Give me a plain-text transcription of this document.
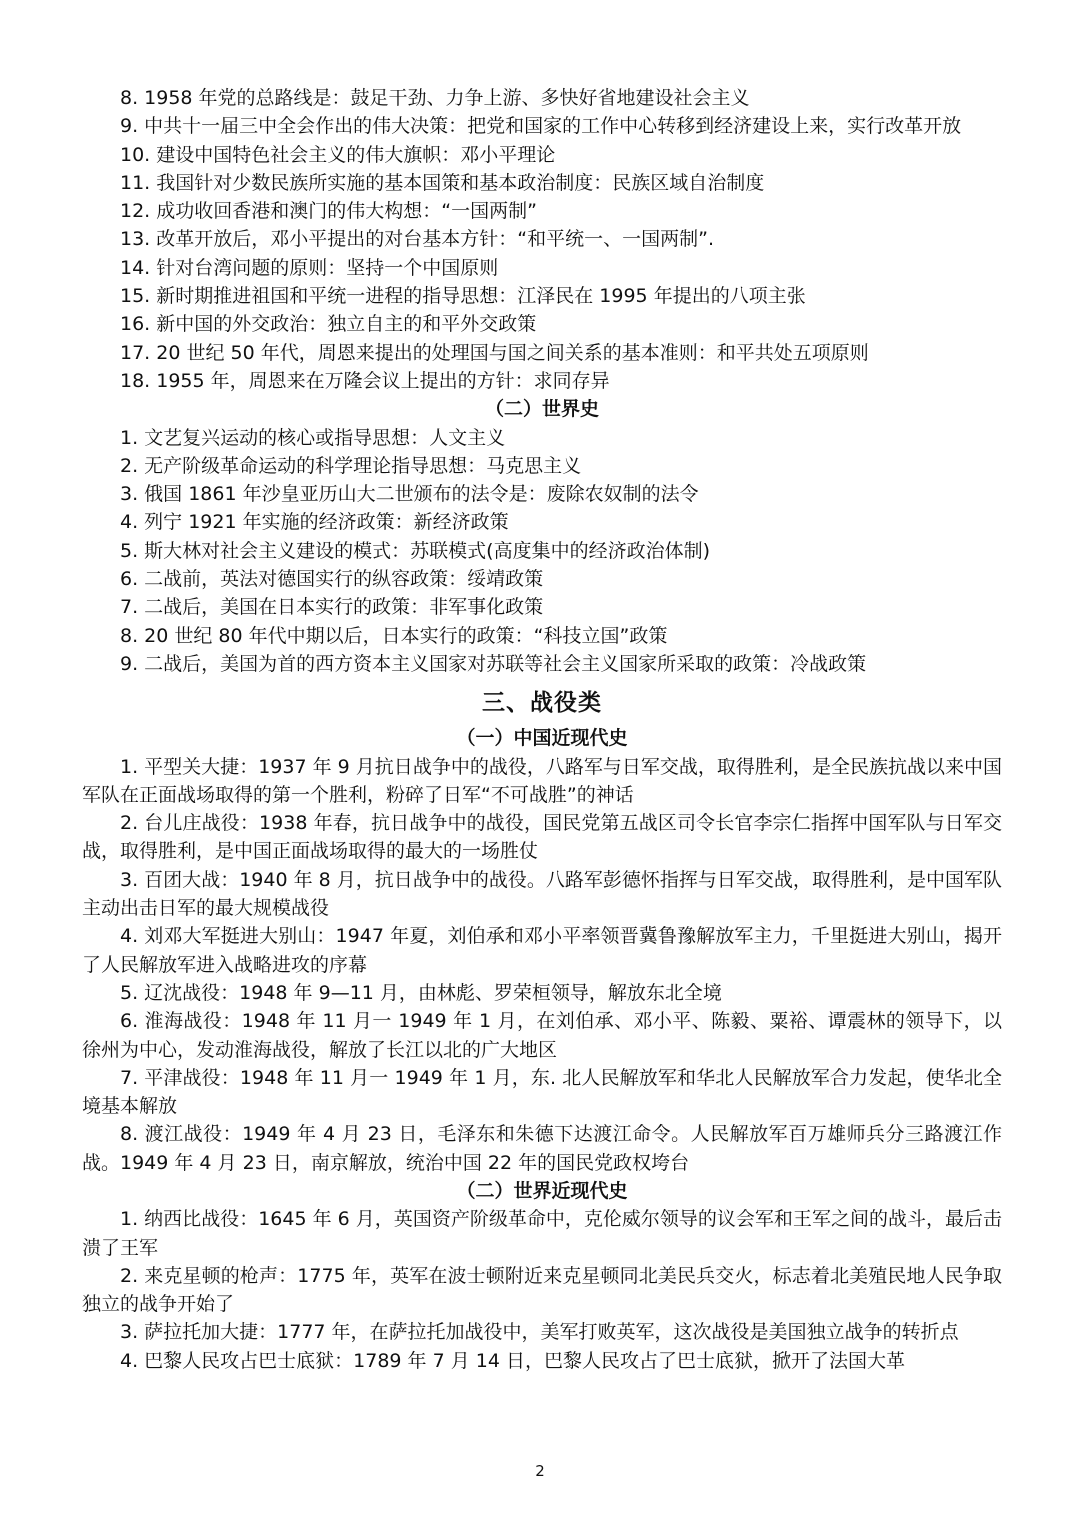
8. 1958 年党的总路线是：鼓足干劲、力争上游、多快好省地建设社会主义

9. 中共十一届三中全会作出的伟大决策：把党和国家的工作中心转移到经济建设上来，实行改革开放

10. 建设中国特色社会主义的伟大旗帜：邓小平理论

11. 我国针对少数民族所实施的基本国策和基本政治制度：民族区域自治制度

12. 成功收回香港和澳门的伟大构想：“一国两制”

13. 改革开放后，邓小平提出的对台基本方针：“和平统一、一国两制”.

14. 针对台湾问题的原则：坚持一个中国原则

15. 新时期推进祖国和平统一进程的指导思想：江泽民在 1995 年提出的八项主张

16. 新中国的外交政治：独立自主的和平外交政策

17. 20 世纪 50 年代，周恩来提出的处理国与国之间关系的基本准则：和平共处五项原则

18. 1955 年，周恩来在万隆会议上提出的方针：求同存异

（二）世界史

1. 文艺复兴运动的核心或指导思想：人文主义

2. 无产阶级革命运动的科学理论指导思想：马克思主义

3. 俄国 1861 年沙皇亚历山大二世颁布的法令是：废除农奴制的法令

4. 列宁 1921 年实施的经济政策：新经济政策

5. 斯大林对社会主义建设的模式：苏联模式(高度集中的经济政治体制)

6. 二战前，英法对德国实行的纵容政策：绥靖政策

7. 二战后，美国在日本实行的政策：非军事化政策

8. 20 世纪 80 年代中期以后，日本实行的政策：“科技立国”政策

9. 二战后，美国为首的西方资本主义国家对苏联等社会主义国家所采取的政策：冷战政策

三、战役类
（一）中国近现代史

1. 平型关大捷：1937 年 9 月抗日战争中的战役，八路军与日军交战，取得胜利，是全民族抗战以来中国军队在正面战场取得的第一个胜利，粉碎了日军“不可战胜”的神话

2. 台儿庄战役：1938 年春，抗日战争中的战役，国民党第五战区司令长官李宗仁指挥中国军队与日军交战，取得胜利，是中国正面战场取得的最大的一场胜仗

3. 百团大战：1940 年 8 月，抗日战争中的战役。八路军彭德怀指挥与日军交战，取得胜利，是中国军队主动出击日军的最大规模战役

4. 刘邓大军挺进大别山：1947 年夏，刘伯承和邓小平率领晋冀鲁豫解放军主力，千里挺进大别山，揭开了人民解放军进入战略进攻的序幕

5. 辽沈战役：1948 年 9—11 月，由林彪、罗荣桓领导，解放东北全境

6. 淮海战役：1948 年 11 月一 1949 年 1 月，在刘伯承、邓小平、陈毅、粟裕、谭震林的领导下，以徐州为中心，发动淮海战役，解放了长江以北的广大地区

7. 平津战役：1948 年 11 月一 1949 年 1 月，东. 北人民解放军和华北人民解放军合力发起，使华北全境基本解放

8. 渡江战役：1949 年 4 月 23 日，毛泽东和朱德下达渡江命令。人民解放军百万雄师兵分三路渡江作战。1949 年 4 月 23 日，南京解放，统治中国 22 年的国民党政权垮台

（二）世界近现代史

1. 纳西比战役：1645 年 6 月，英国资产阶级革命中，克伦威尔领导的议会军和王军之间的战斗，最后击溃了王军

2. 来克星顿的枪声：1775 年，英军在波士顿附近来克星顿同北美民兵交火，标志着北美殖民地人民争取独立的战争开始了

3. 萨拉托加大捷：1777 年，在萨拉托加战役中，美军打败英军，这次战役是美国独立战争的转折点

4. 巴黎人民攻占巴士底狱：1789 年 7 月 14 日，巴黎人民攻占了巴士底狱，掀开了法国大革

2
